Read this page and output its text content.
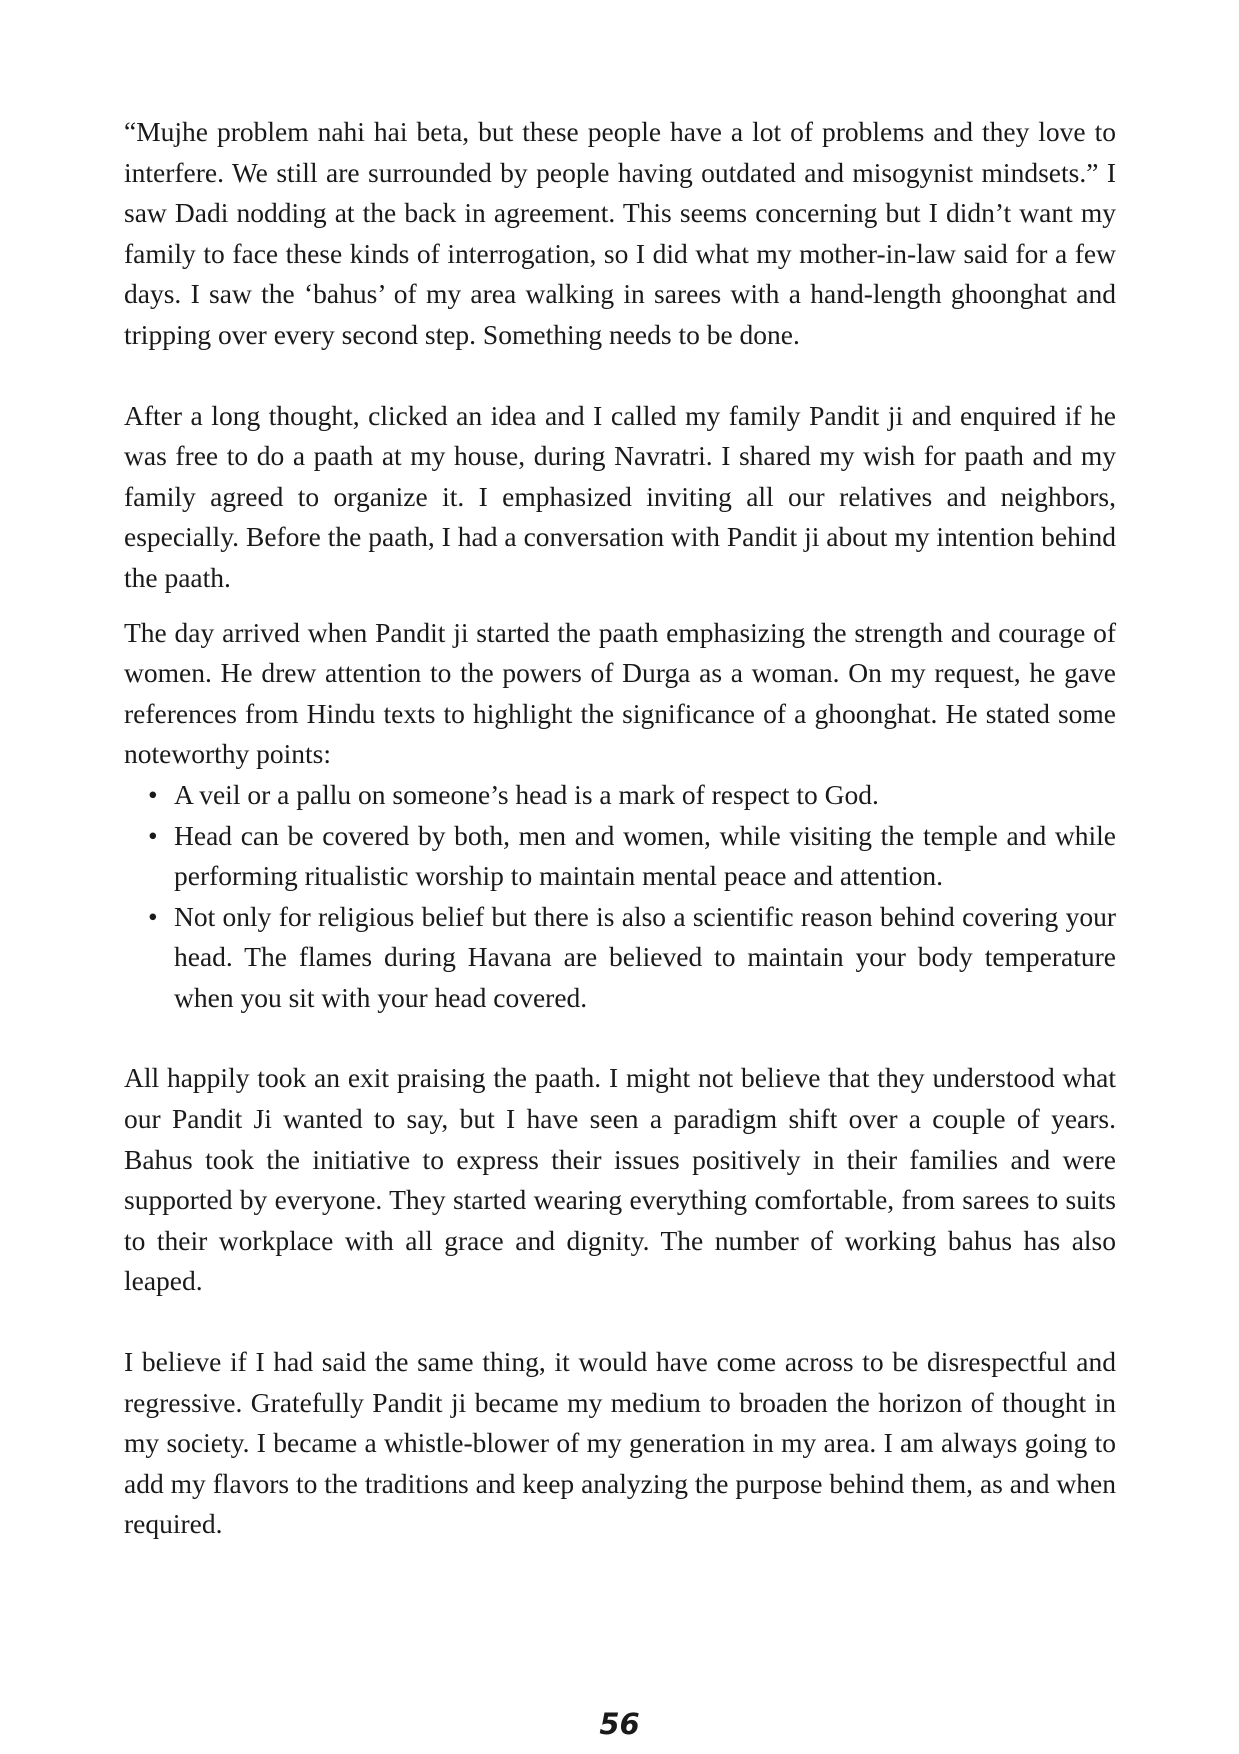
“Mujhe problem nahi hai beta, but these people have a lot of problems and they love to interfere. We still are surrounded by people having outdated and misogynist mindsets.” I saw Dadi nodding at the back in agreement. This seems concerning but I didn’t want my family to face these kinds of interrogation, so I did what my mother-in-law said for a few days. I saw the ‘bahus’ of my area walking in sarees with a hand-length ghoonghat and tripping over every second step. Something needs to be done.

After a long thought, clicked an idea and I called my family Pandit ji and enquired if he was free to do a paath at my house, during Navratri. I shared my wish for paath and my family agreed to organize it. I emphasized inviting all our relatives and neighbors, especially. Before the paath, I had a conversation with Pandit ji about my intention behind the paath.

The day arrived when Pandit ji started the paath emphasizing the strength and courage of women. He drew attention to the powers of Durga as a woman. On my request, he gave references from Hindu texts to highlight the significance of a ghoonghat. He stated some noteworthy points:

• A veil or a pallu on someone’s head is a mark of respect to God.
• Head can be covered by both, men and women, while visiting the temple and while performing ritualistic worship to maintain mental peace and attention.
• Not only for religious belief but there is also a scientific reason behind covering your head. The flames during Havana are believed to maintain your body temperature when you sit with your head covered.

All happily took an exit praising the paath. I might not believe that they understood what our Pandit Ji wanted to say, but I have seen a paradigm shift over a couple of years. Bahus took the initiative to express their issues positively in their families and were supported by everyone. They started wearing everything comfortable, from sarees to suits to their workplace with all grace and dignity. The number of working bahus has also leaped.

I believe if I had said the same thing, it would have come across to be disrespectful and regressive. Gratefully Pandit ji became my medium to broaden the horizon of thought in my society. I became a whistle-blower of my generation in my area. I am always going to add my flavors to the traditions and keep analyzing the purpose behind them, as and when required.

56
